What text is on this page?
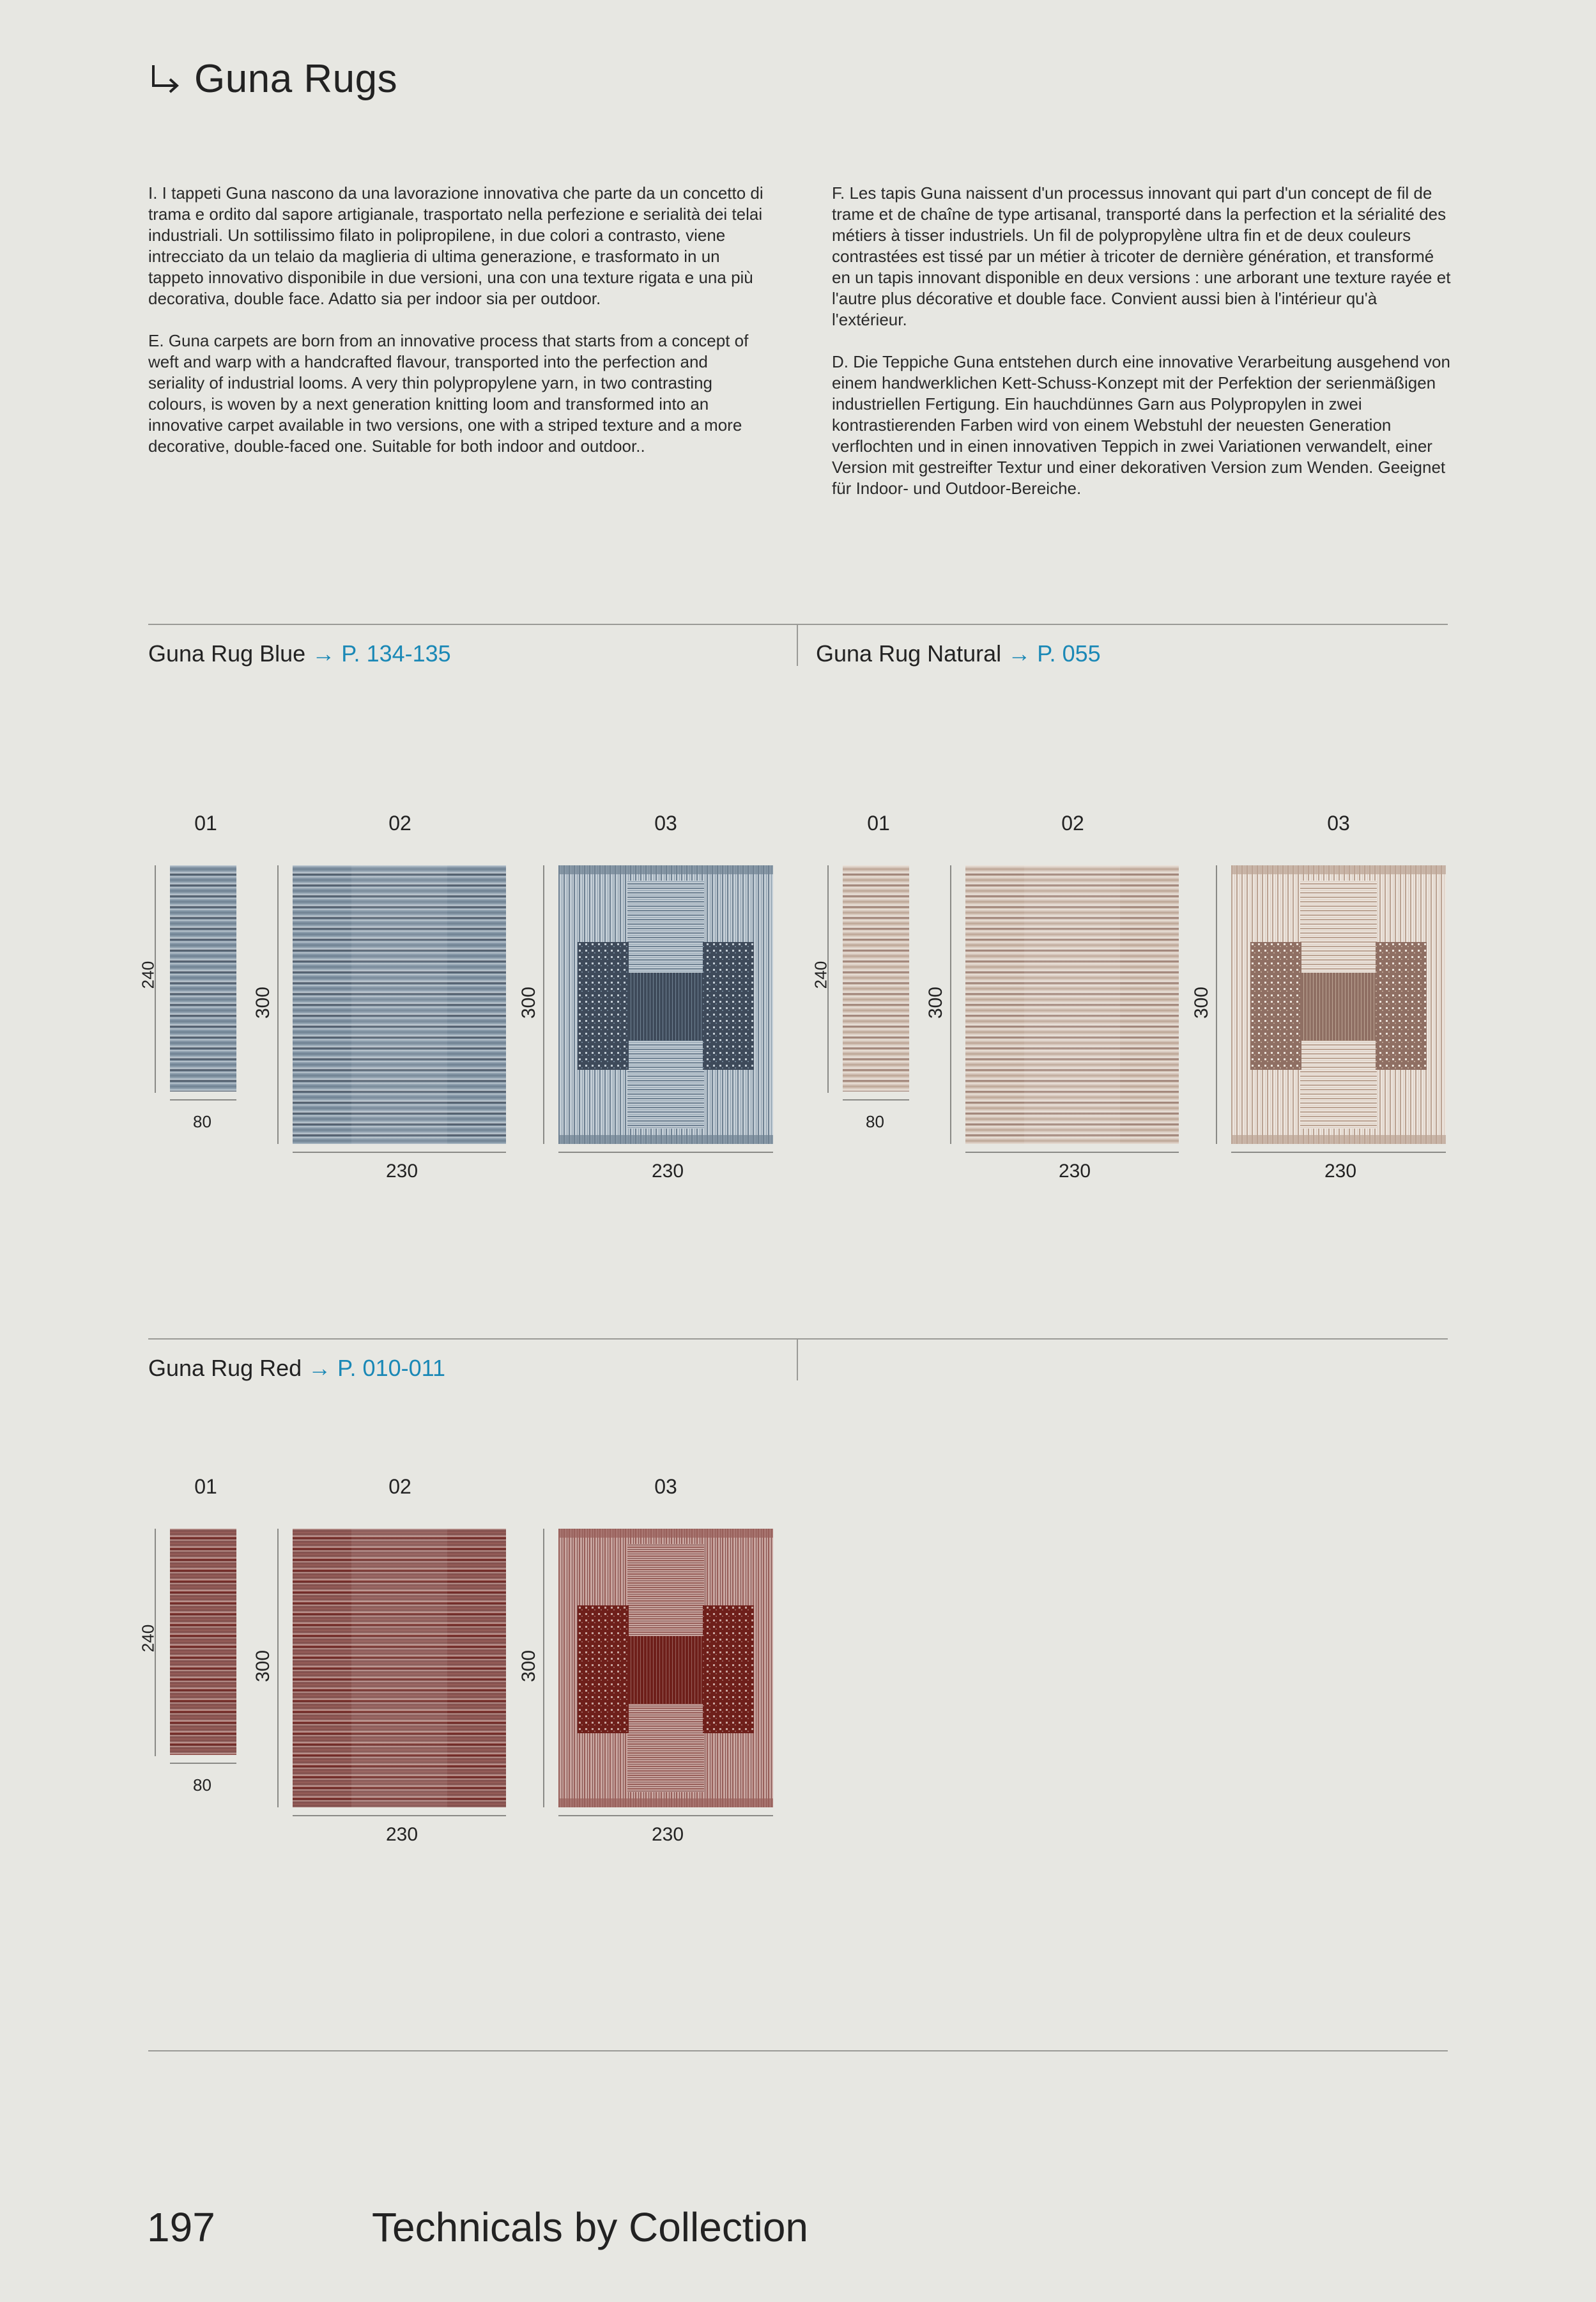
Guna Rugs

I. I tappeti Guna nascono da una lavorazione innovativa che parte da un concetto di trama e ordito dal sapore artigianale, trasportato nella perfezione e serialità dei telai industriali. Un sottilissimo filato in polipropilene, in due colori a contrasto, viene intrecciato da un telaio da maglieria di ultima generazione, e trasformato in un tappeto innovativo disponibile in due versioni, una con una texture rigata e una più decorativa, double face. Adatto sia per indoor sia per outdoor.

E. Guna carpets are born from an innovative process that starts from a concept of weft and warp with a handcrafted flavour, transported into the perfection and seriality of industrial looms. A very thin polypropylene yarn, in two contrasting colours, is woven by a next generation knitting loom and transformed into an innovative carpet available in two versions, one with a striped texture and a more decorative, double-faced one. Suitable for both indoor and outdoor..

F. Les tapis Guna naissent d'un processus innovant qui part d'un concept de fil de trame et de chaîne de type artisanal, transporté dans la perfection et la sérialité des métiers à tisser industriels. Un fil de polypropylène ultra fin et de deux couleurs contrastées est tissé par un métier à tricoter de dernière génération, et transformé en un tapis innovant disponible en deux versions : une arborant une texture rayée et l'autre plus décorative et double face. Convient aussi bien à l'intérieur qu'à l'extérieur.

D. Die Teppiche Guna entstehen durch eine innovative Verarbeitung ausgehend von einem handwerklichen Kett-Schuss-Konzept mit der Perfektion der serienmäßigen industriellen Fertigung. Ein hauchdünnes Garn aus Polypropylen in zwei kontrastierenden Farben wird von einem Webstuhl der neuesten Generation verflochten und in einen innovativen Teppich in zwei Variationen verwandelt, einer Version mit gestreifter Textur und einer dekorativen Version zum Wenden. Geeignet für Indoor- und Outdoor-Bereiche.

Guna Rug Blue → P. 134-135	Guna Rug Natural → P. 055
Guna Rug Red → P. 010-011
01	02	03
240
80
300
230
300
230
01	02	03
240
80
300
230
300
230
01	02	03
240
80
300
230
300
230
197	Technicals by Collection
